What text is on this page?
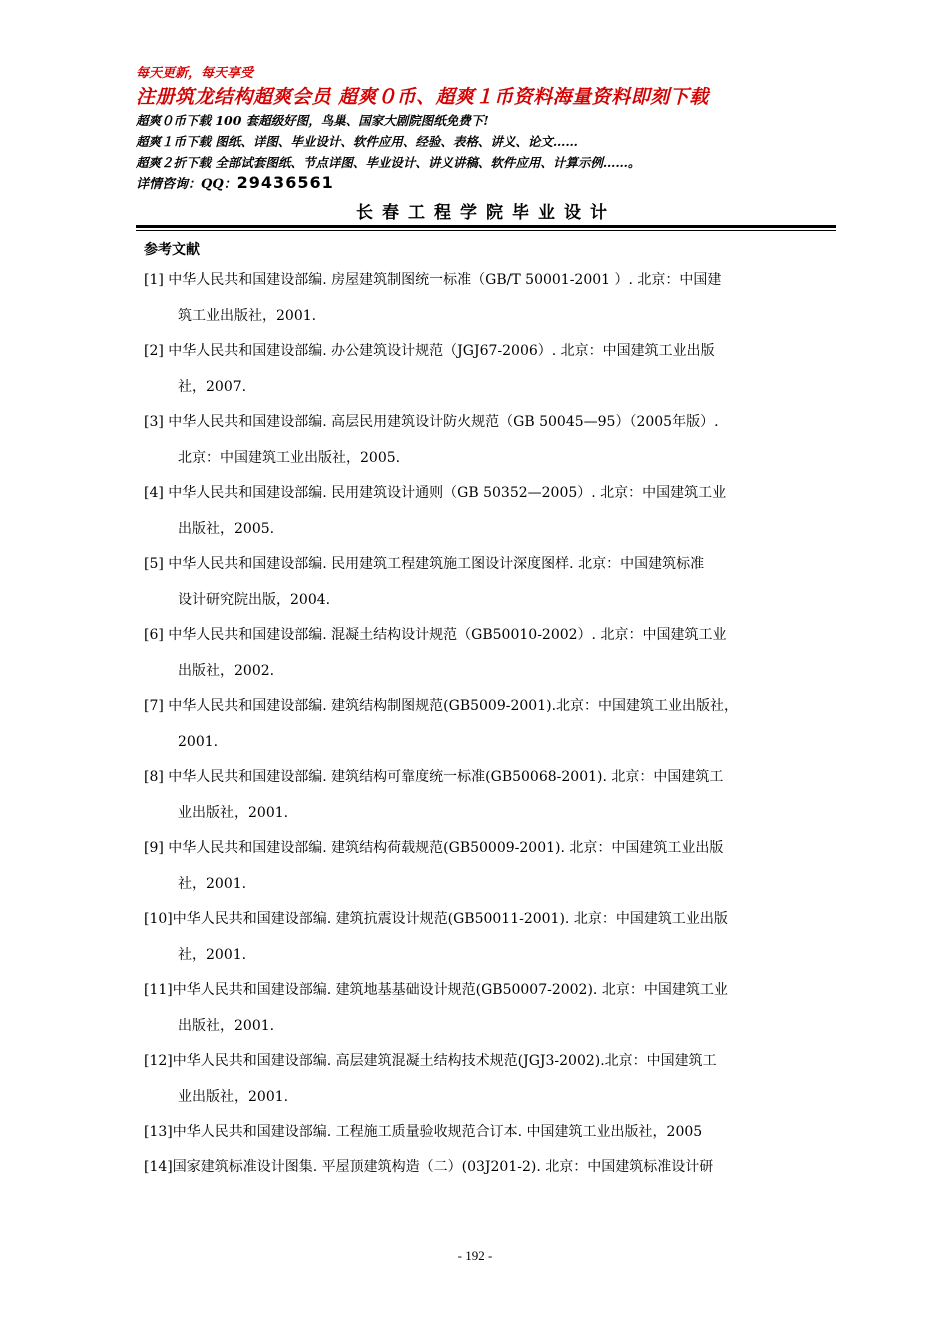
每天更新，每天享受
注册筑龙结构超爽会员 超爽０币、超爽１币资料海量资料即刻下载
超爽０币下载 100 套超级好图，鸟巢、国家大剧院图纸免费下!
超爽１币下载 图纸、详图、毕业设计、软件应用、经验、表格、讲义、论文……
超爽２折下载 全部试套图纸、节点详图、毕业设计、讲义讲稿、软件应用、计算示例……。
详情咨询：QQ：29436561
长春工程学院毕业设计
参考文献
[1] 中华人民共和国建设部编. 房屋建筑制图统一标准（GB/T 50001-2001 ）. 北京：中国建
筑工业出版社，2001.
[2] 中华人民共和国建设部编. 办公建筑设计规范（JGJ67-2006）. 北京：中国建筑工业出版
社，2007.
[3] 中华人民共和国建设部编. 高层民用建筑设计防火规范（GB 50045—95）（2005年版）.
北京：中国建筑工业出版社，2005.
[4] 中华人民共和国建设部编. 民用建筑设计通则（GB 50352—2005）. 北京：中国建筑工业
出版社，2005.
[5] 中华人民共和国建设部编. 民用建筑工程建筑施工图设计深度图样. 北京：中国建筑标准
设计研究院出版，2004.
[6] 中华人民共和国建设部编. 混凝土结构设计规范（GB50010-2002）. 北京：中国建筑工业
出版社，2002.
[7] 中华人民共和国建设部编. 建筑结构制图规范(GB5009-2001).北京：中国建筑工业出版社，
2001.
[8] 中华人民共和国建设部编. 建筑结构可靠度统一标准(GB50068-2001). 北京：中国建筑工
业出版社，2001.
[9] 中华人民共和国建设部编. 建筑结构荷载规范(GB50009-2001). 北京：中国建筑工业出版
社，2001.
[10]中华人民共和国建设部编. 建筑抗震设计规范(GB50011-2001). 北京：中国建筑工业出版
社，2001.
[11]中华人民共和国建设部编. 建筑地基基础设计规范(GB50007-2002). 北京：中国建筑工业
出版社，2001.
[12]中华人民共和国建设部编. 高层建筑混凝土结构技术规范(JGJ3-2002).北京：中国建筑工
业出版社，2001.
[13]中华人民共和国建设部编. 工程施工质量验收规范合订本. 中国建筑工业出版社，2005
[14]国家建筑标准设计图集. 平屋顶建筑构造（二）(03J201-2). 北京：中国建筑标准设计研
- 192 -
